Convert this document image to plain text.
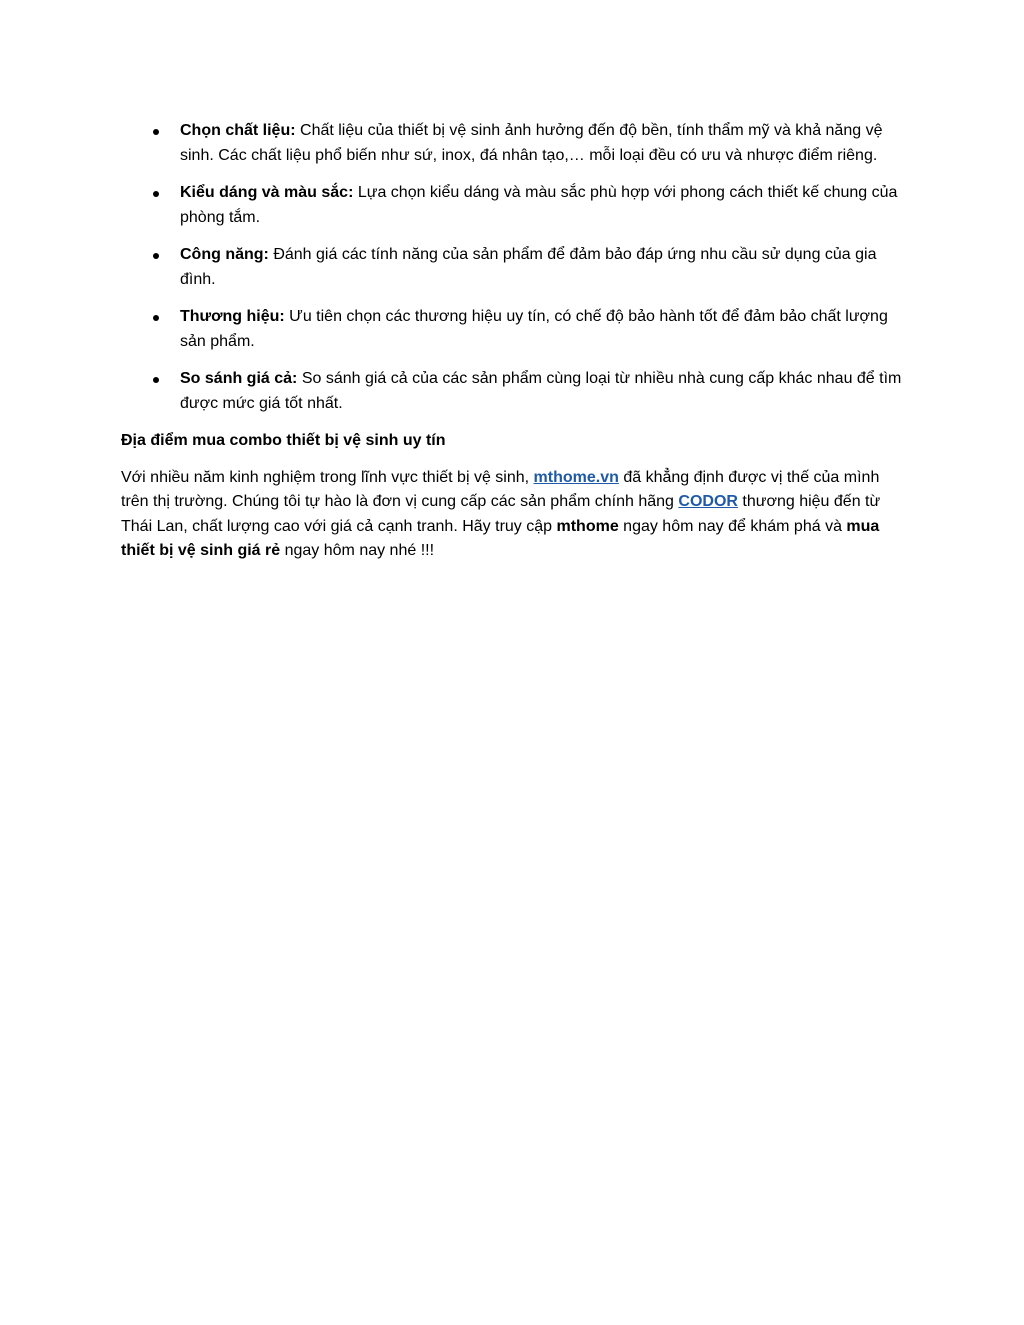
Chọn chất liệu: Chất liệu của thiết bị vệ sinh ảnh hưởng đến độ bền, tính thẩm mỹ và khả năng vệ sinh. Các chất liệu phổ biến như sứ, inox, đá nhân tạo,… mỗi loại đều có ưu và nhược điểm riêng.
Kiểu dáng và màu sắc: Lựa chọn kiểu dáng và màu sắc phù hợp với phong cách thiết kế chung của phòng tắm.
Công năng: Đánh giá các tính năng của sản phẩm để đảm bảo đáp ứng nhu cầu sử dụng của gia đình.
Thương hiệu: Ưu tiên chọn các thương hiệu uy tín, có chế độ bảo hành tốt để đảm bảo chất lượng sản phẩm.
So sánh giá cả: So sánh giá cả của các sản phẩm cùng loại từ nhiều nhà cung cấp khác nhau để tìm được mức giá tốt nhất.

Địa điểm mua combo thiết bị vệ sinh uy tín

Với nhiều năm kinh nghiệm trong lĩnh vực thiết bị vệ sinh, mthome.vn đã khẳng định được vị thế của mình trên thị trường. Chúng tôi tự hào là đơn vị cung cấp các sản phẩm chính hãng CODOR thương hiệu đến từ Thái Lan, chất lượng cao với giá cả cạnh tranh. Hãy truy cập mthome ngay hôm nay để khám phá và mua thiết bị vệ sinh giá rẻ ngay hôm nay nhé !!!
